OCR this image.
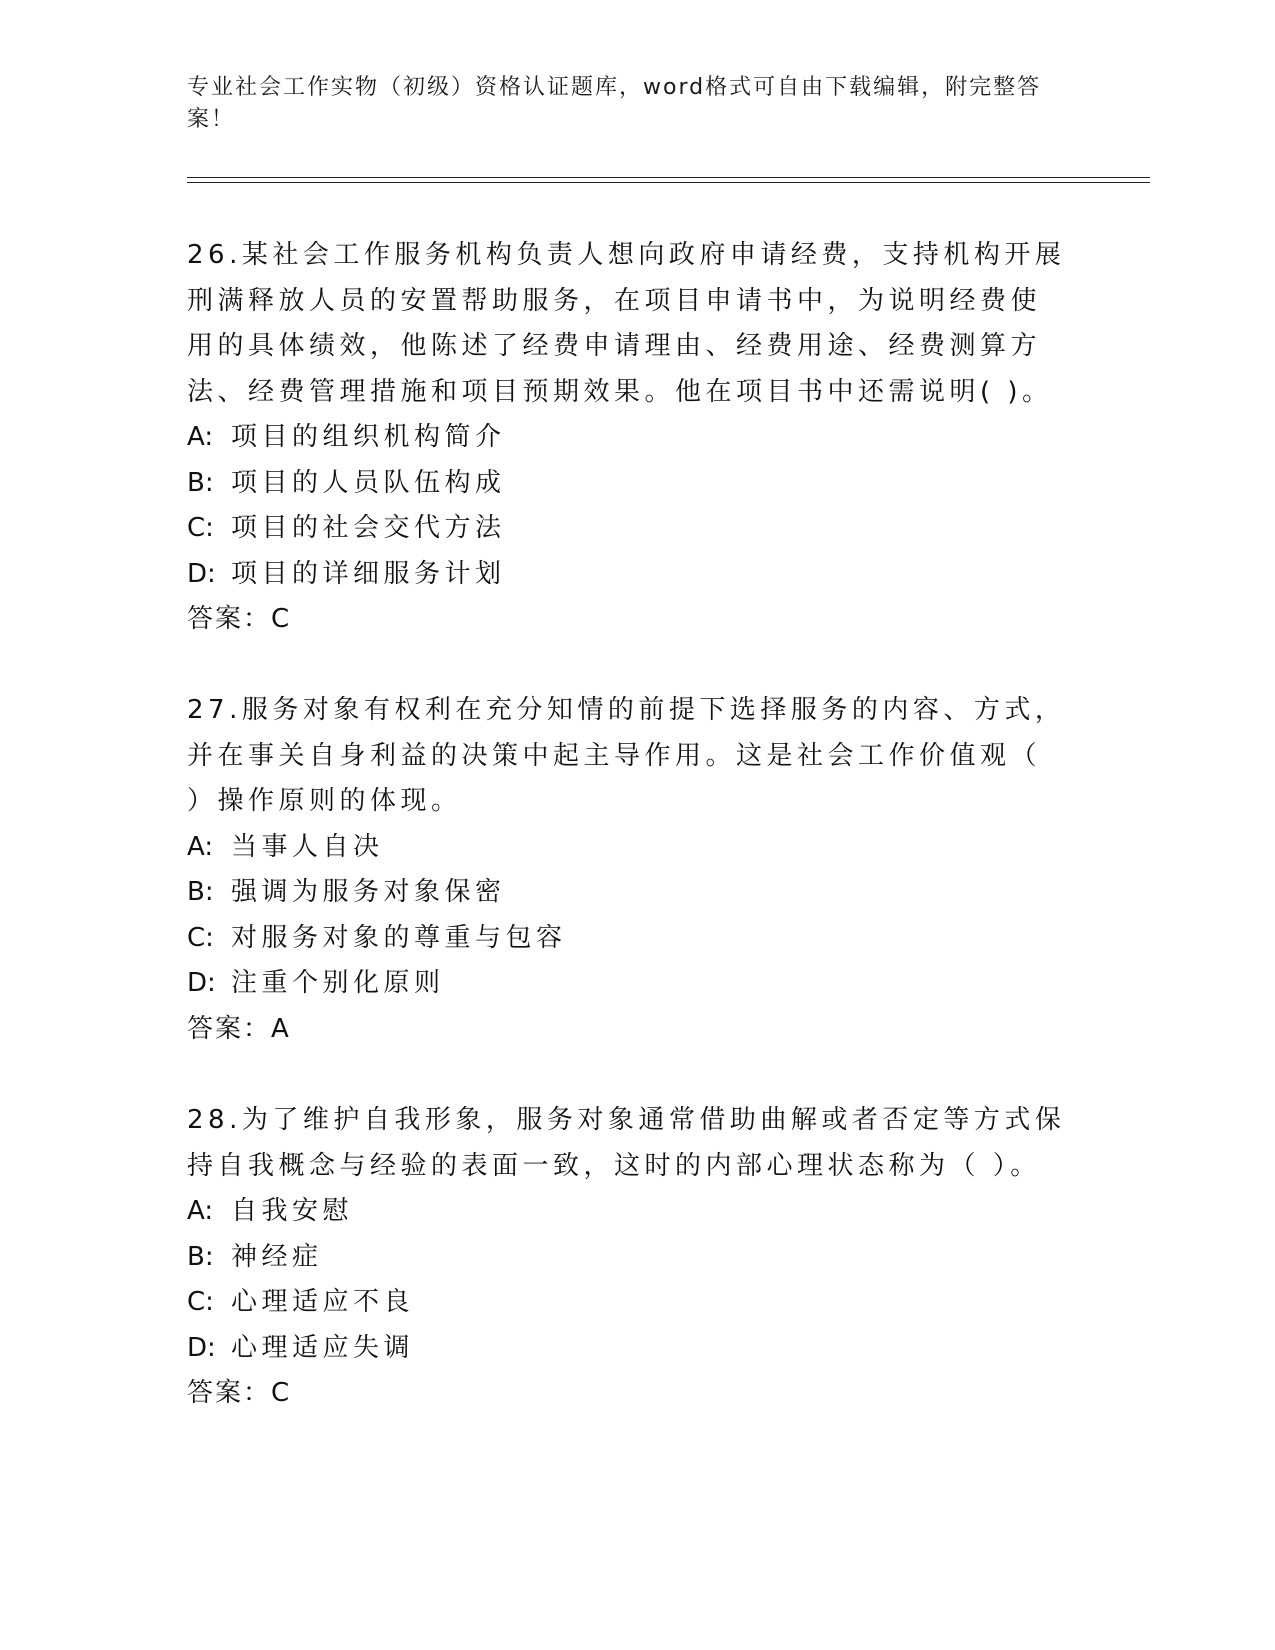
专业社会工作实物（初级）资格认证题库，word格式可自由下载编辑，附完整答案！

26.某社会工作服务机构负责人想向政府申请经费，支持机构开展刑满释放人员的安置帮助服务，在项目申请书中，为说明经费使用的具体绩效，他陈述了经费申请理由、经费用途、经费测算方法、经费管理措施和项目预期效果。他在项目书中还需说明( )。

A: 项目的组织机构简介

B: 项目的人员队伍构成

C: 项目的社会交代方法

D: 项目的详细服务计划

答案：C

27.服务对象有权利在充分知情的前提下选择服务的内容、方式，并在事关自身利益的决策中起主导作用。这是社会工作价值观（ ）操作原则的体现。

A: 当事人自决

B: 强调为服务对象保密

C: 对服务对象的尊重与包容

D: 注重个别化原则

答案：A

28.为了维护自我形象，服务对象通常借助曲解或者否定等方式保持自我概念与经验的表面一致，这时的内部心理状态称为（ ）。

A: 自我安慰

B: 神经症

C: 心理适应不良

D: 心理适应失调

答案：C
